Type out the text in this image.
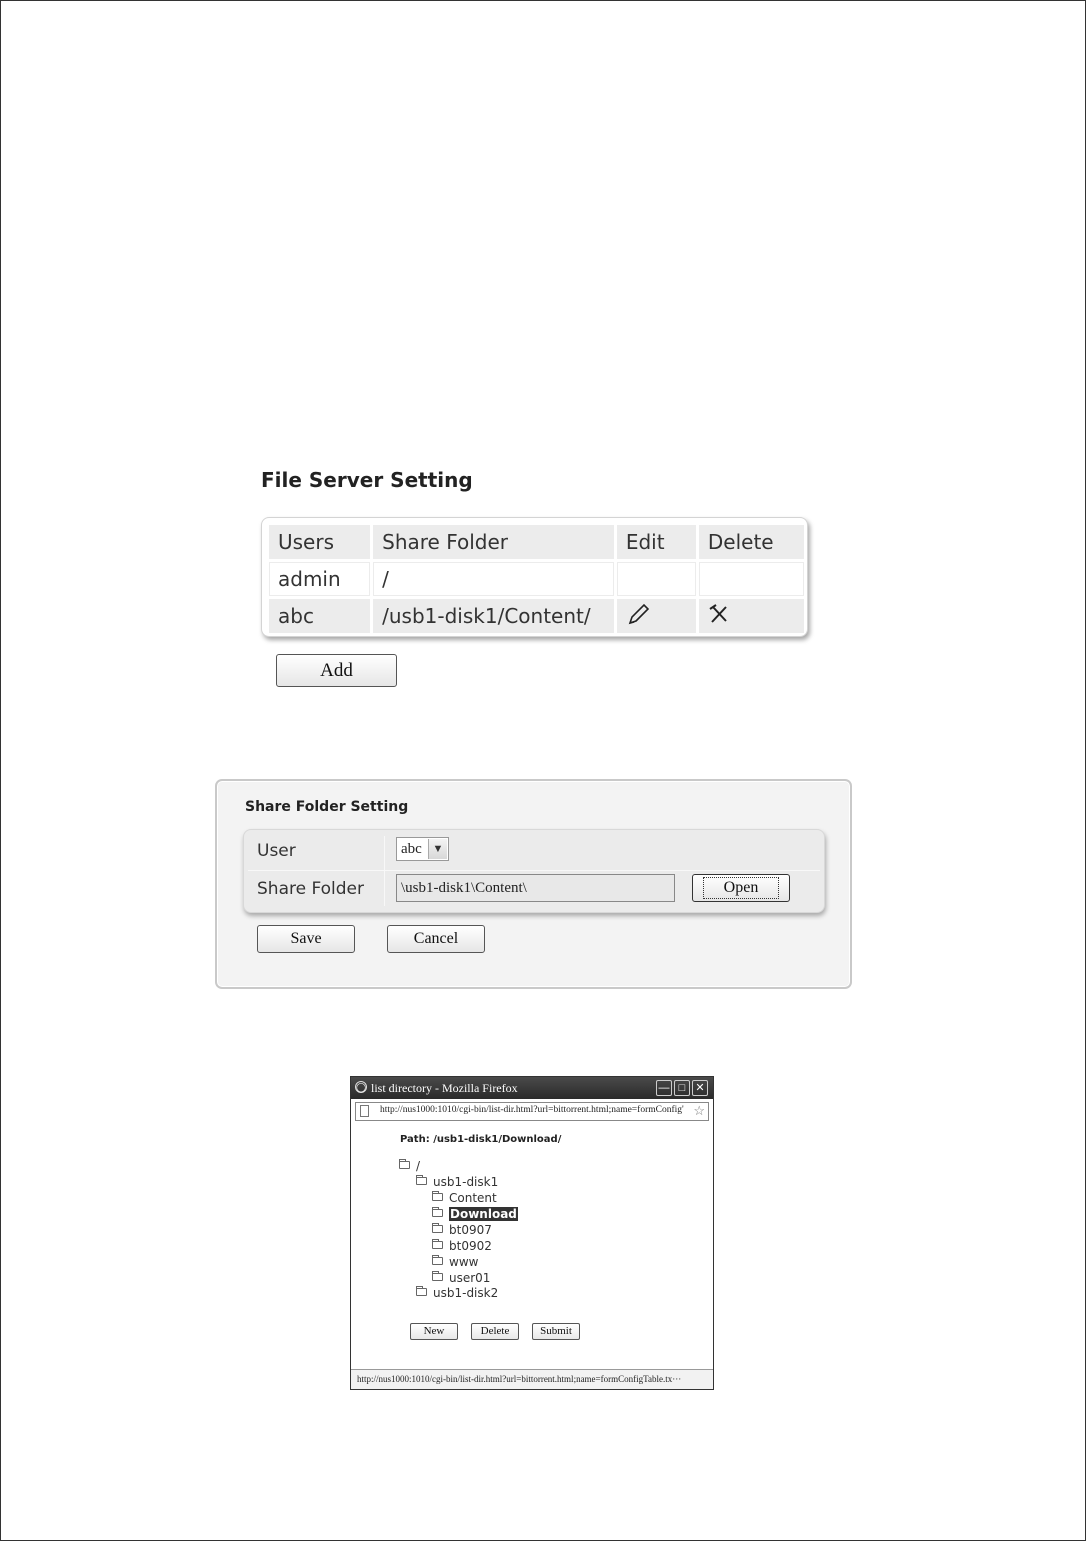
File Server Setting
Users	Share Folder	Edit	Delete
admin	/		
abc	/usb1-disk1/Content/		
Add
Share Folder Setting
User	abc ▼
Share Folder	\usb1-disk1\Content\	Open
Save	Cancel
◯ list directory - Mozilla Firefox	— □ ✕
http://nus1000:1010/cgi-bin/list-dir.html?url=bittorrent.html;name=formConfig' ☆
Path: /usb1-disk1/Download/
/
usb1-disk1
Content
Download
bt0907
bt0902
www
user01
usb1-disk2
New	Delete	Submit
http://nus1000:1010/cgi-bin/list-dir.html?url=bittorrent.html;name=formConfigTable.tx···
